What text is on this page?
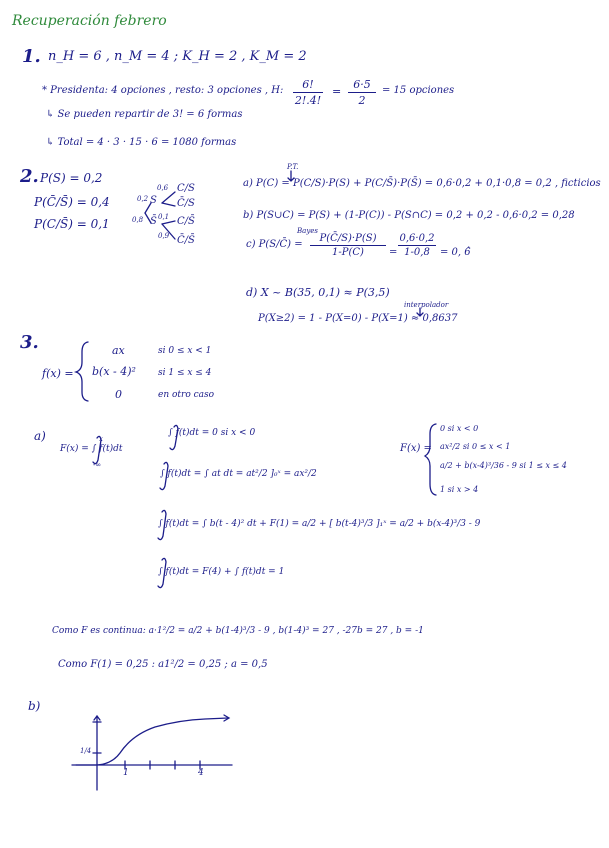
Recuperación febrero
1. n_H = 6 , n_M = 4 ; K_H = 2 , K_M = 2
* Presidenta: 4 opciones , resto: 3 opciones , H:	6!
2!.4!
=
6·5
2
= 15 opciones
↳ Se pueden repartir de 3! = 6 formas
↳ Total = 4 · 3 · 15 · 6 = 1080 formas
2. P(S) = 0,2
P(C̄/S̄) = 0,4
P(C/S̄) = 0,1
0,6 C/S
0,2 S C̄/S
0,8 S̄ 0,1 C/S̄
0,9 C̄/S̄
P.T.
a) P(C) = P(C/S)·P(S) + P(C/S̄)·P(S̄) = 0,6·0,2 + 0,1·0,8 = 0,2 , ficticios
b) P(S∪C) = P(S) + (1-P(C)) - P(S∩C) = 0,2 + 0,2 - 0,6·0,2 = 0,28
Bayes
c) P(S/C̄) =
P(C̄/S)·P(S)
1-P(C)	=
0,6·0,2
1-0,8	= 0, 6̂
d) X ~ B(35, 0,1) ≈ P(3,5)
interpolador
P(X≥2) = 1 - P(X=0) - P(X=1) ≈ 0,8637
3.
f(x) =
ax	si 0 ≤ x < 1
b(x - 4)² si 1 ≤ x ≤ 4
0	en otro caso
a)
F(x) = ∫ f(t)dt
x
-∞
∫ f(t)dt = 0 si x < 0
∫ f(t)dt = ∫ at dt = at²/2 ]₀ˣ = ax²/2
∫ f(t)dt = ∫ b(t - 4)² dt + F(1) = a/2 + [ b(t-4)³/3 ]₁ˣ = a/2 + b(x-4)³/3 - 9
∫ f(t)dt = F(4) + ∫ f(t)dt = 1
F(x) =
0 si x < 0
ax²/2 si 0 ≤ x < 1
a/2 + b(x-4)³/36 - 9 si 1 ≤ x ≤ 4
1 si x > 4
Como F es continua: a·1²/2 = a/2 + b(1-4)³/3 - 9 , b(1-4)³ = 27 , -27b = 27 , b = -1
Como F(1) = 0,25 : a1²/2 = 0,25 ; a = 0,5
b)
1/4
1	4
